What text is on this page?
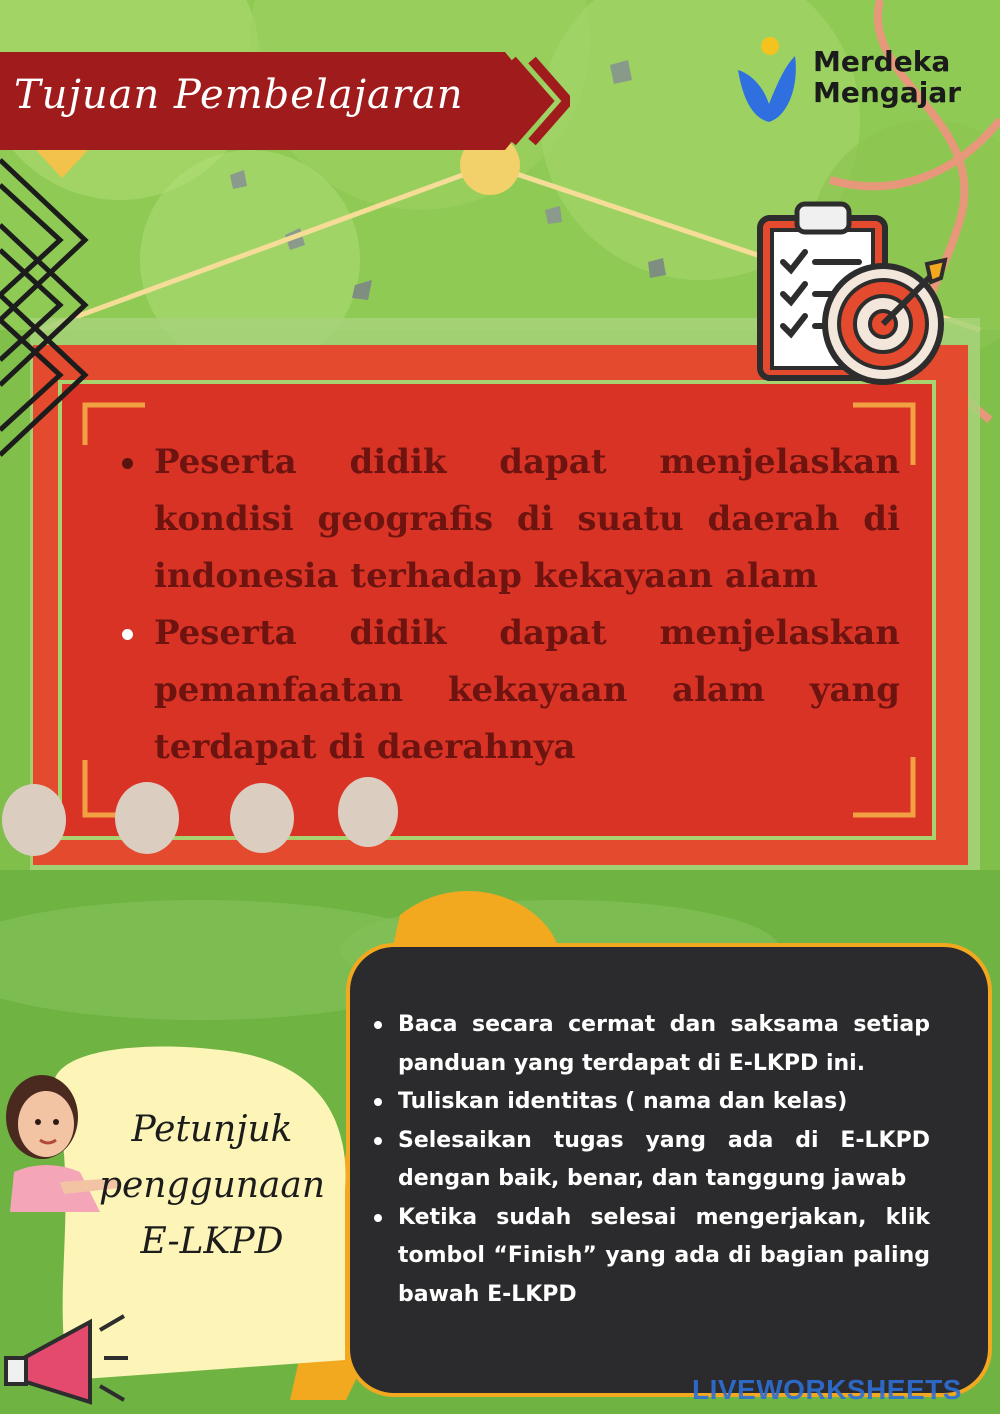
Tujuan Pembelajaran
Merdeka
Mengajar
Peserta didik dapat menjelaskan kondisi geografis di suatu daerah di indonesia terhadap kekayaan alam
Peserta didik dapat menjelaskan pemanfaatan kekayaan alam yang terdapat di daerahnya
Baca secara cermat dan saksama setiap panduan yang terdapat di E-LKPD ini.
Tuliskan identitas ( nama dan kelas)
Selesaikan tugas yang ada di E-LKPD dengan baik, benar, dan tanggung jawab
Ketika sudah selesai mengerjakan, klik tombol “Finish” yang ada di bagian paling bawah E-LKPD
Petunjuk
penggunaan
E-LKPD
LIVEWORKSHEETS
